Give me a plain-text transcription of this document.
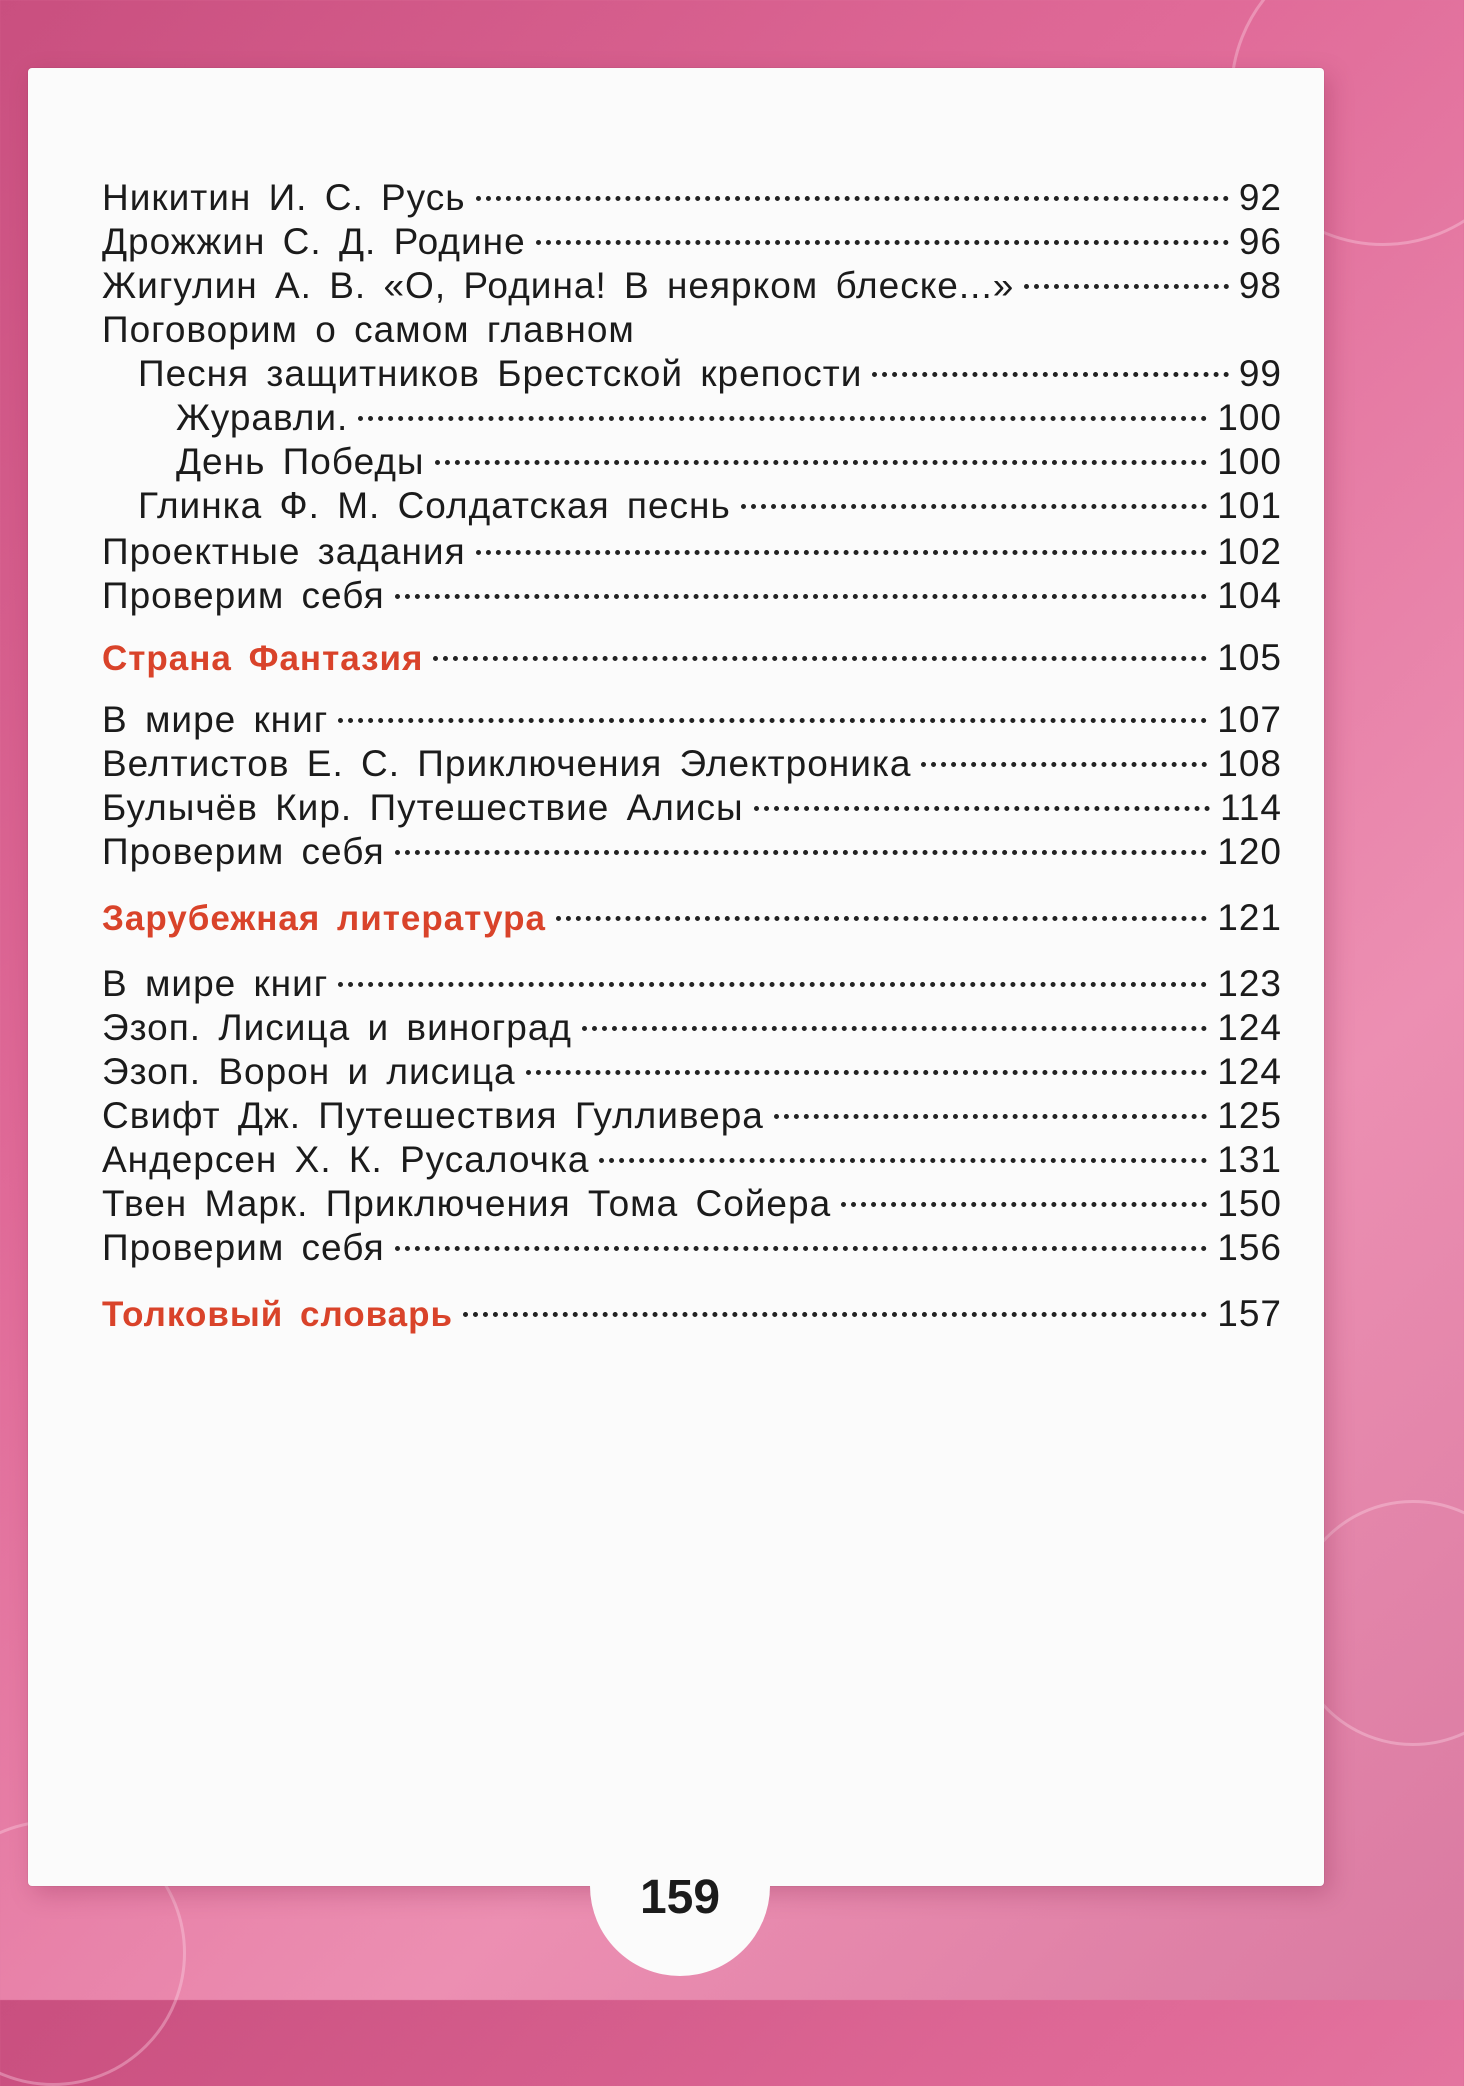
Никитин И. С. Русь	92
Дрожжин С. Д. Родине	96
Жигулин А. В. «О, Родина! В неярком блеске...»	98
Поговорим о самом главном
Песня защитников Брестской крепости	99
Журавли.	100
День Победы	100
Глинка Ф. М. Солдатская песнь	101
Проектные задания	102
Проверим себя	104
Страна Фантазия	105
В мире книг	107
Велтистов Е. С. Приключения Электроника	108
Булычёв Кир. Путешествие Алисы	114
Проверим себя	120
Зарубежная литература	121
В мире книг	123
Эзоп. Лисица и виноград	124
Эзоп. Ворон и лисица	124
Свифт Дж. Путешествия Гулливера	125
Андерсен Х. К. Русалочка	131
Твен Марк. Приключения Тома Сойера	150
Проверим себя	156
Толковый словарь	157
159
